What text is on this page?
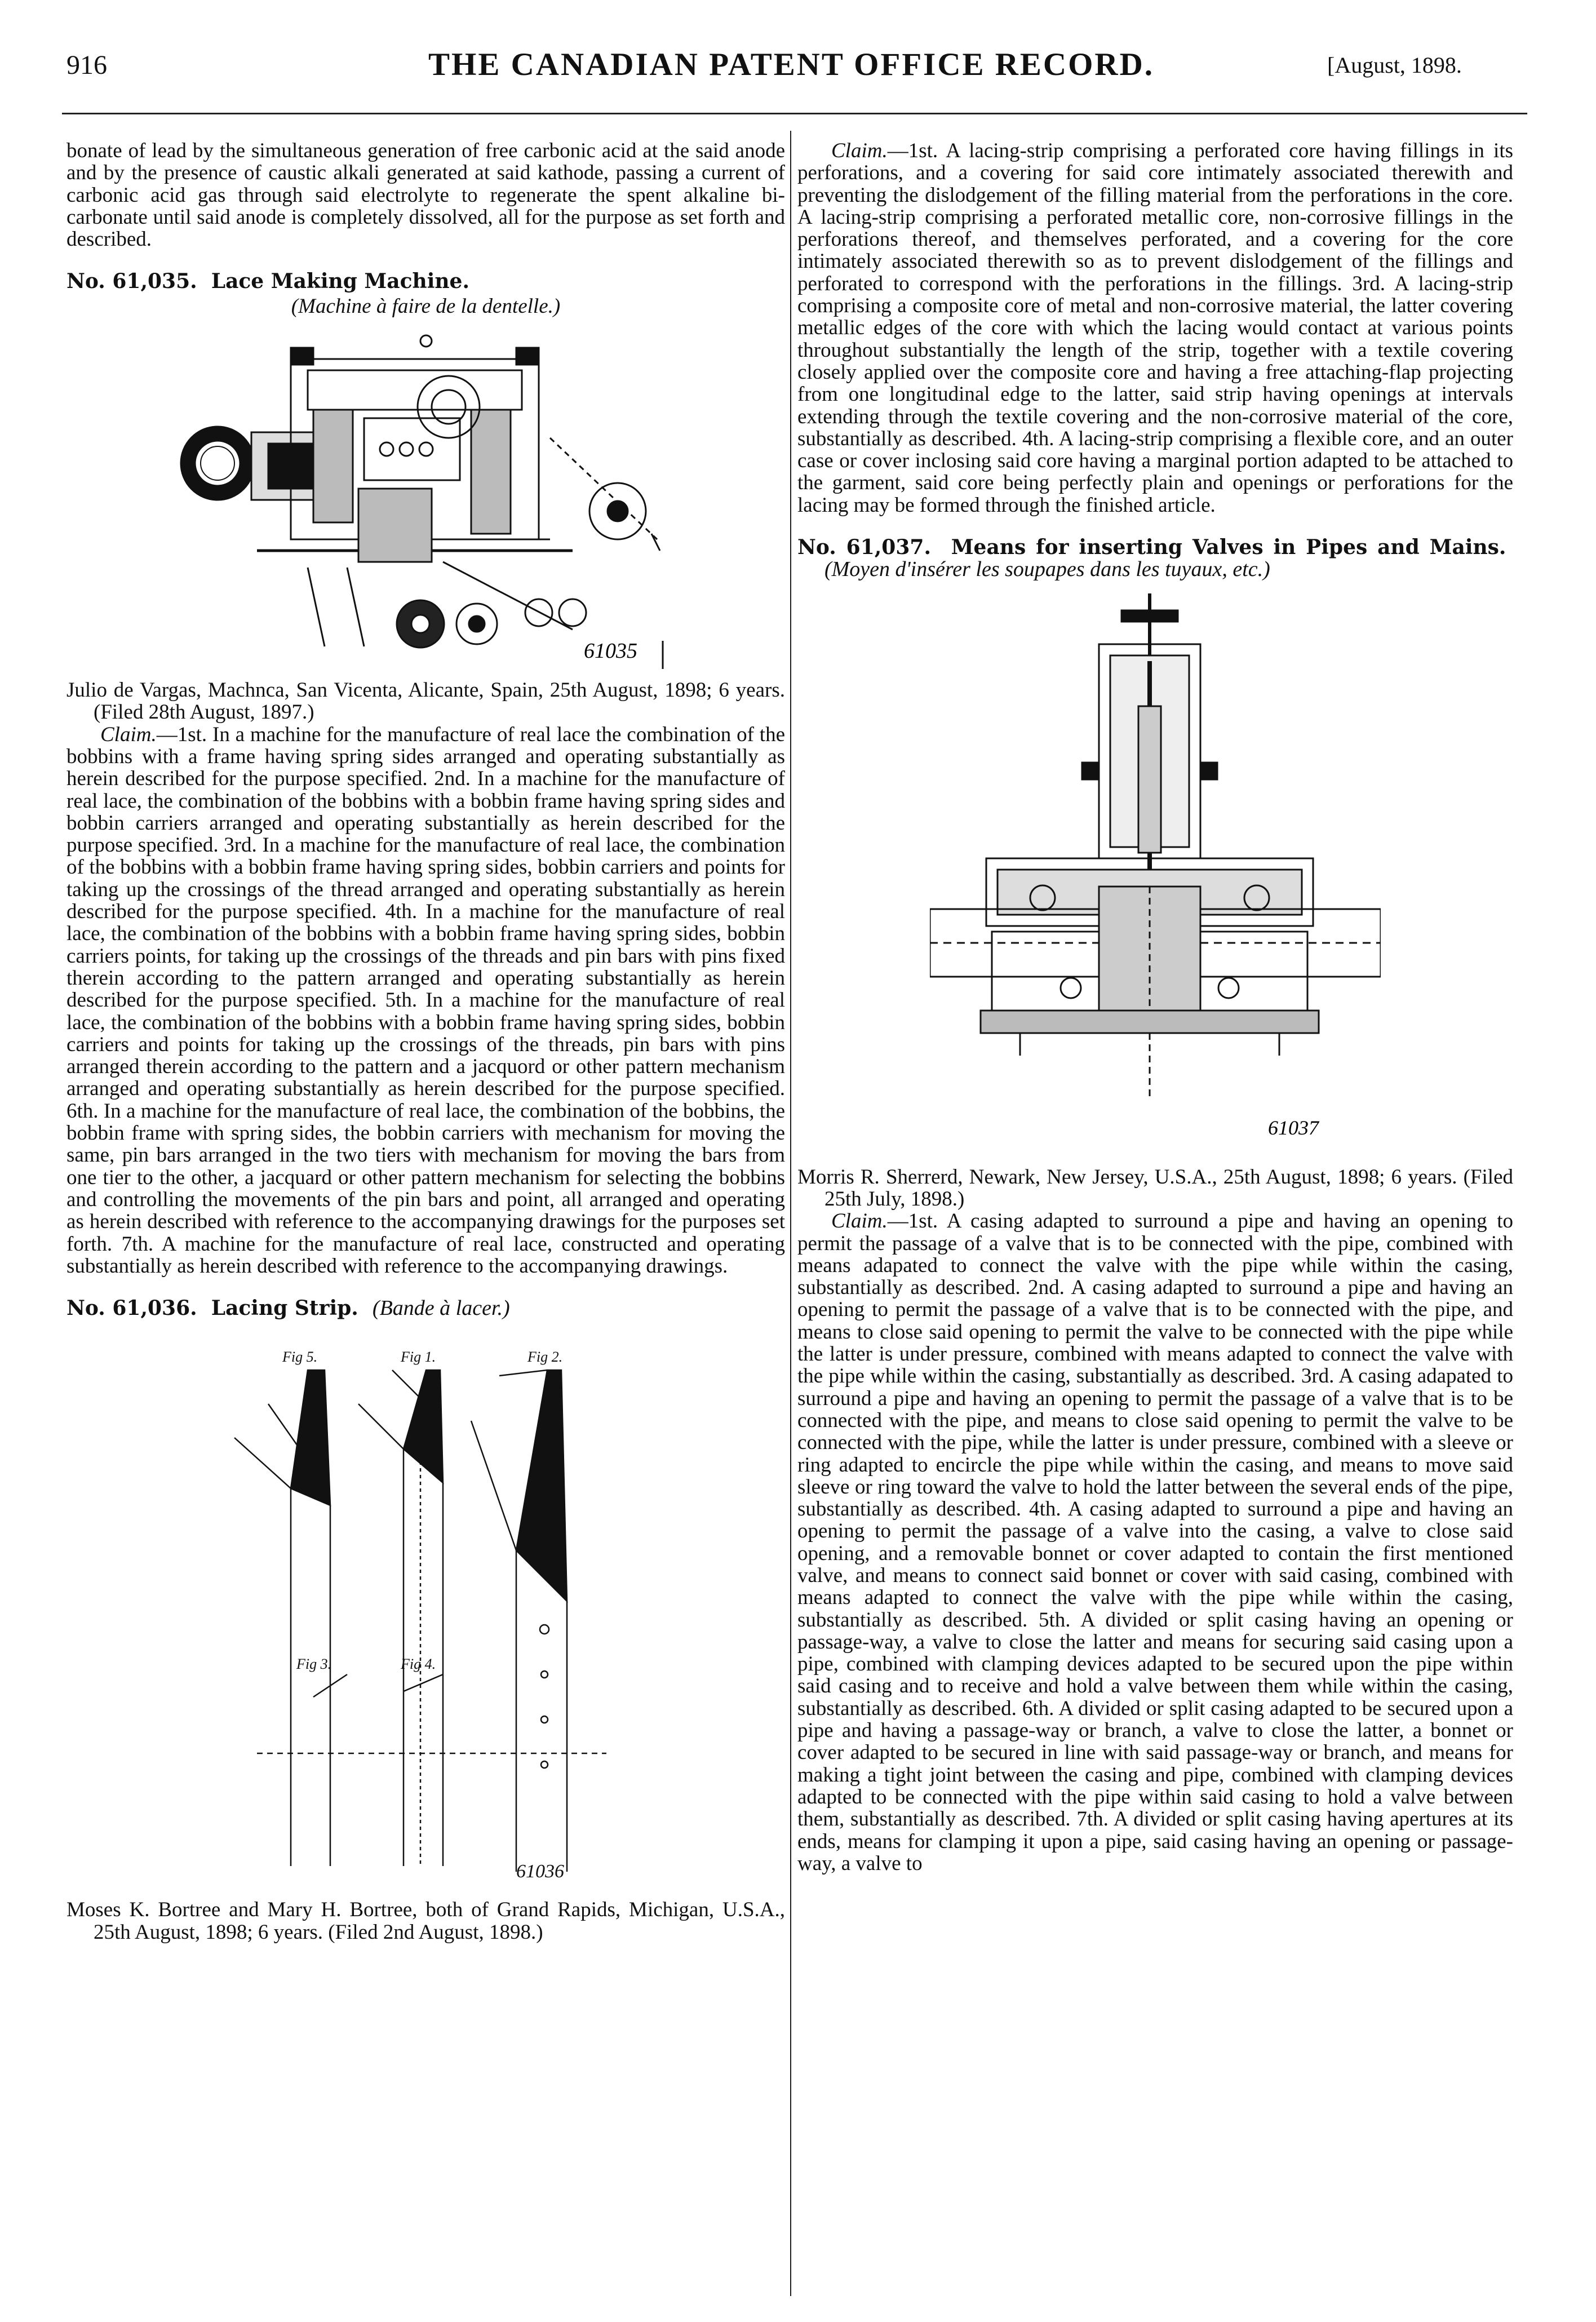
916	THE CANADIAN PATENT OFFICE RECORD.	[August, 1898.

bonate of lead by the simultaneous generation of free carbonic acid at the said anode and by the presence of caustic alkali generated at said kathode, passing a current of carbonic acid gas through said electrolyte to regenerate the spent alkaline bi-carbonate until said anode is completely dissolved, all for the purpose as set forth and described.

No. 61,035. Lace Making Machine.

(Machine à faire de la dentelle.)

61035

Julio de Vargas, Machnca, San Vicenta, Alicante, Spain, 25th August, 1898; 6 years. (Filed 28th August, 1897.)

Claim.—1st. In a machine for the manufacture of real lace the combination of the bobbins with a frame having spring sides arranged and operating substantially as herein described for the purpose specified. 2nd. In a machine for the manufacture of real lace, the combination of the bobbins with a bobbin frame having spring sides and bobbin carriers arranged and operating substantially as herein described for the purpose specified. 3rd. In a machine for the manufacture of real lace, the combination of the bobbins with a bobbin frame having spring sides, bobbin carriers and points for taking up the crossings of the thread arranged and operating substantially as herein described for the purpose specified. 4th. In a machine for the manufacture of real lace, the combination of the bobbins with a bobbin frame having spring sides, bobbin carriers points, for taking up the crossings of the threads and pin bars with pins fixed therein according to the pattern arranged and operating substantially as herein described for the purpose specified. 5th. In a machine for the manufacture of real lace, the combination of the bobbins with a bobbin frame having spring sides, bobbin carriers and points for taking up the crossings of the threads, pin bars with pins arranged therein according to the pattern and a jacquord or other pattern mechanism arranged and operating substantially as herein described for the purpose specified. 6th. In a machine for the manufacture of real lace, the combination of the bobbins, the bobbin frame with spring sides, the bobbin carriers with mechanism for moving the same, pin bars arranged in the two tiers with mechanism for moving the bars from one tier to the other, a jacquard or other pattern mechanism for selecting the bobbins and controlling the movements of the pin bars and point, all arranged and operating as herein described with reference to the accompanying drawings for the purposes set forth. 7th. A machine for the manufacture of real lace, constructed and operating substantially as herein described with reference to the accompanying drawings.

No. 61,036. Lacing Strip. (Bande à lacer.)

Fig 5.	Fig 1.	Fig 2.
Fig 3.	Fig 4.
61036

Moses K. Bortree and Mary H. Bortree, both of Grand Rapids, Michigan, U.S.A., 25th August, 1898; 6 years. (Filed 2nd August, 1898.)

Claim.—1st. A lacing-strip comprising a perforated core having fillings in its perforations, and a covering for said core intimately associated therewith and preventing the dislodgement of the filling material from the perforations in the core. A lacing-strip comprising a perforated metallic core, non-corrosive fillings in the perforations thereof, and themselves perforated, and a covering for the core intimately associated therewith so as to prevent dislodgement of the fillings and perforated to correspond with the perforations in the fillings. 3rd. A lacing-strip comprising a composite core of metal and non-corrosive material, the latter covering metallic edges of the core with which the lacing would contact at various points throughout substantially the length of the strip, together with a textile covering closely applied over the composite core and having a free attaching-flap projecting from one longitudinal edge to the latter, said strip having openings at intervals extending through the textile covering and the non-corrosive material of the core, substantially as described. 4th. A lacing-strip comprising a flexible core, and an outer case or cover inclosing said core having a marginal portion adapted to be attached to the garment, said core being perfectly plain and openings or perforations for the lacing may be formed through the finished article.

No. 61,037. Means for inserting Valves in Pipes and Mains.  (Moyen d'insérer les soupapes dans les tuyaux, etc.)

61037

Morris R. Sherrerd, Newark, New Jersey, U.S.A., 25th August, 1898; 6 years. (Filed 25th July, 1898.)

Claim.—1st. A casing adapted to surround a pipe and having an opening to permit the passage of a valve that is to be connected with the pipe, combined with means adapated to connect the valve with the pipe while within the casing, substantially as described. 2nd. A casing adapted to surround a pipe and having an opening to permit the passage of a valve that is to be connected with the pipe, and means to close said opening to permit the valve to be connected with the pipe while the latter is under pressure, combined with means adapted to connect the valve with the pipe while within the casing, substantially as described. 3rd. A casing adapated to surround a pipe and having an opening to permit the passage of a valve that is to be connected with the pipe, and means to close said opening to permit the valve to be connected with the pipe, while the latter is under pressure, combined with a sleeve or ring adapted to encircle the pipe while within the casing, and means to move said sleeve or ring toward the valve to hold the latter between the several ends of the pipe, substantially as described. 4th. A casing adapted to surround a pipe and having an opening to permit the passage of a valve into the casing, a valve to close said opening, and a removable bonnet or cover adapted to contain the first mentioned valve, and means to connect said bonnet or cover with said casing, combined with means adapted to connect the valve with the pipe while within the casing, substantially as described. 5th. A divided or split casing having an opening or passage-way, a valve to close the latter and means for securing said casing upon a pipe, combined with clamping devices adapted to be secured upon the pipe within said casing and to receive and hold a valve between them while within the casing, substantially as described. 6th. A divided or split casing adapted to be secured upon a pipe and having a passage-way or branch, a valve to close the latter, a bonnet or cover adapted to be secured in line with said passage-way or branch, and means for making a tight joint between the casing and pipe, combined with clamping devices adapted to be connected with the pipe within said casing to hold a valve between them, substantially as described. 7th. A divided or split casing having apertures at its ends, means for clamping it upon a pipe, said casing having an opening or passage-way, a valve to
